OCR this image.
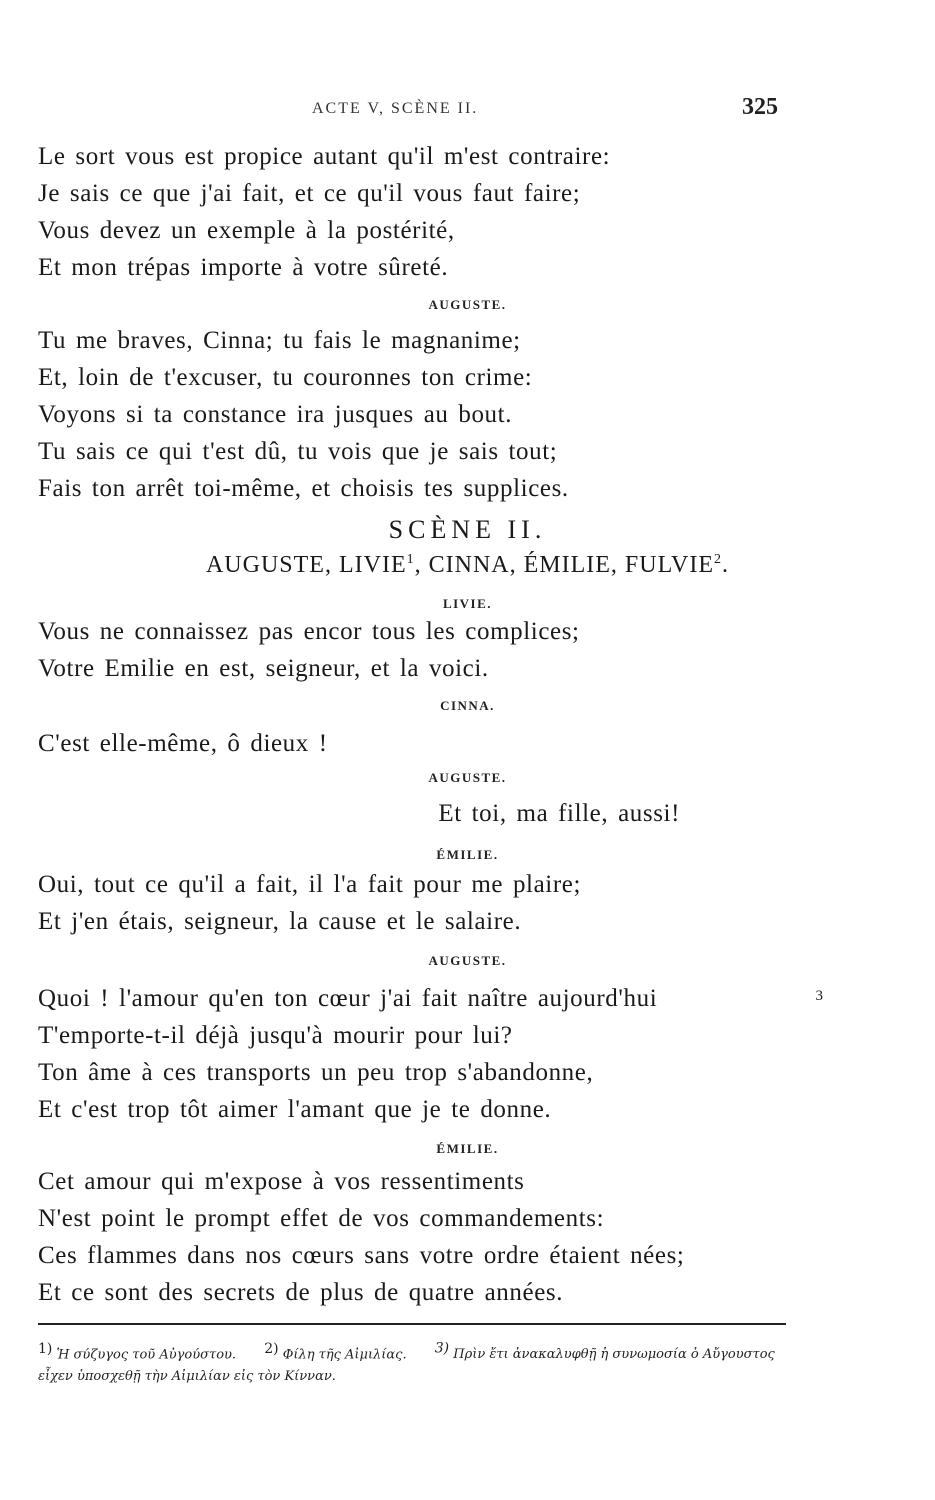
ACTE V, SCÈNE II.	325
Le sort vous est propice autant qu'il m'est contraire:
Je sais ce que j'ai fait, et ce qu'il vous faut faire;
Vous devez un exemple à la postérité,
Et mon trépas importe à votre sûreté.
AUGUSTE.
Tu me braves, Cinna; tu fais le magnanime;
Et, loin de t'excuser, tu couronnes ton crime:
Voyons si ta constance ira jusques au bout.
Tu sais ce qui t'est dû, tu vois que je sais tout;
Fais ton arrêt toi-même, et choisis tes supplices.
SCÈNE II.
AUGUSTE, LIVIE$^1$, CINNA, ÉMILIE, FULVIE$^2$.
LIVIE.
Vous ne connaissez pas encor tous les complices;
Votre Emilie en est, seigneur, et la voici.
CINNA.
C'est elle-même, ô dieux !
AUGUSTE.
Et toi, ma fille, aussi!
ÉMILIE.
Oui, tout ce qu'il a fait, il l'a fait pour me plaire;
Et j'en étais, seigneur, la cause et le salaire.
AUGUSTE.
Quoi ! l'amour qu'en ton cœur j'ai fait naître aujourd'hui	3
T'emporte-t-il déjà jusqu'à mourir pour lui?
Ton âme à ces transports un peu trop s'abandonne,
Et c'est trop tôt aimer l'amant que je te donne.
ÉMILIE.
Cet amour qui m'expose à vos ressentiments
N'est point le prompt effet de vos commandements:
Ces flammes dans nos cœurs sans votre ordre étaient nées;
Et ce sont des secrets de plus de quatre années.
$^{1)}$ Ἡ σύζυγος τοῦ Αὐγούστου. $^{2)}$ Φίλη τῆς Αἰμιλίας. $^{3)}$ Πρὶν ἔτι ἀνακαλυφθῇ ἡ συνωμοσία ὁ Αὔγουστος εἶχεν ὑποσχεθῇ τὴν Αἰμιλίαν εἰς τὸν Κίνναν.
